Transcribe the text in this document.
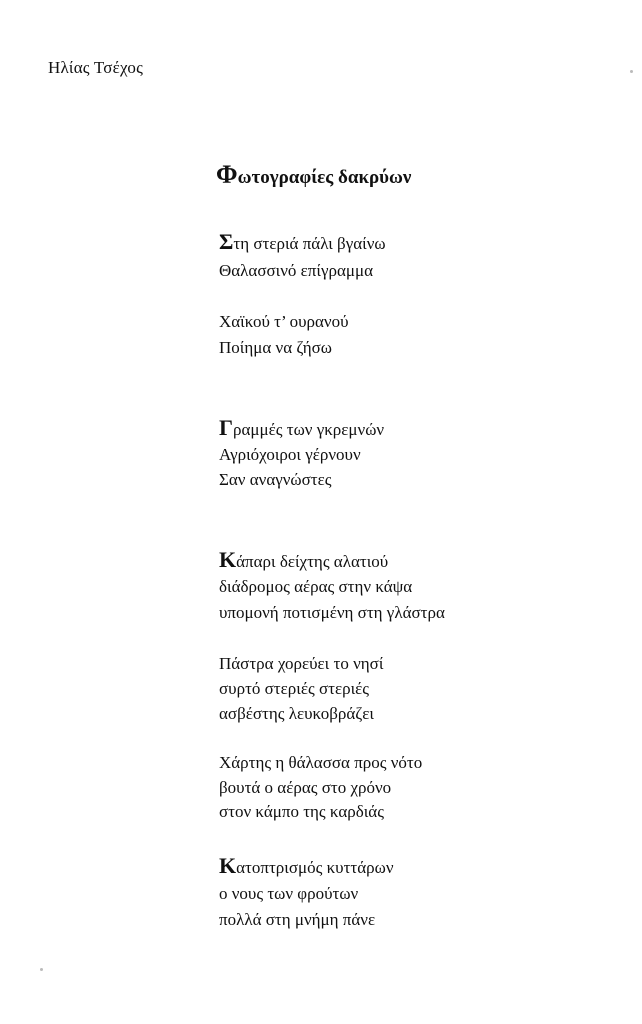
Ηλίας Τσέχος
Φωτογραφίες δακρύων
Στη στεριά πάλι βγαίνω
Θαλασσινό επίγραμμα
Χαϊκού τ’ ουρανού
Ποίημα να ζήσω
Γραμμές των γκρεμνών
Αγριόχοιροι γέρνουν
Σαν αναγνώστες
Κάπαρι δείχτης αλατιού
διάδρομος αέρας στην κάψα
υπομονή ποτισμένη στη γλάστρα
Πάστρα χορεύει το νησί
συρτό στεριές στεριές
ασβέστης λευκοβράζει
Χάρτης η θάλασσα προς νότο
βουτά ο αέρας στο χρόνο
στον κάμπο της καρδιάς
Κατοπτρισμός κυττάρων
ο νους των φρούτων
πολλά στη μνήμη πάνε
